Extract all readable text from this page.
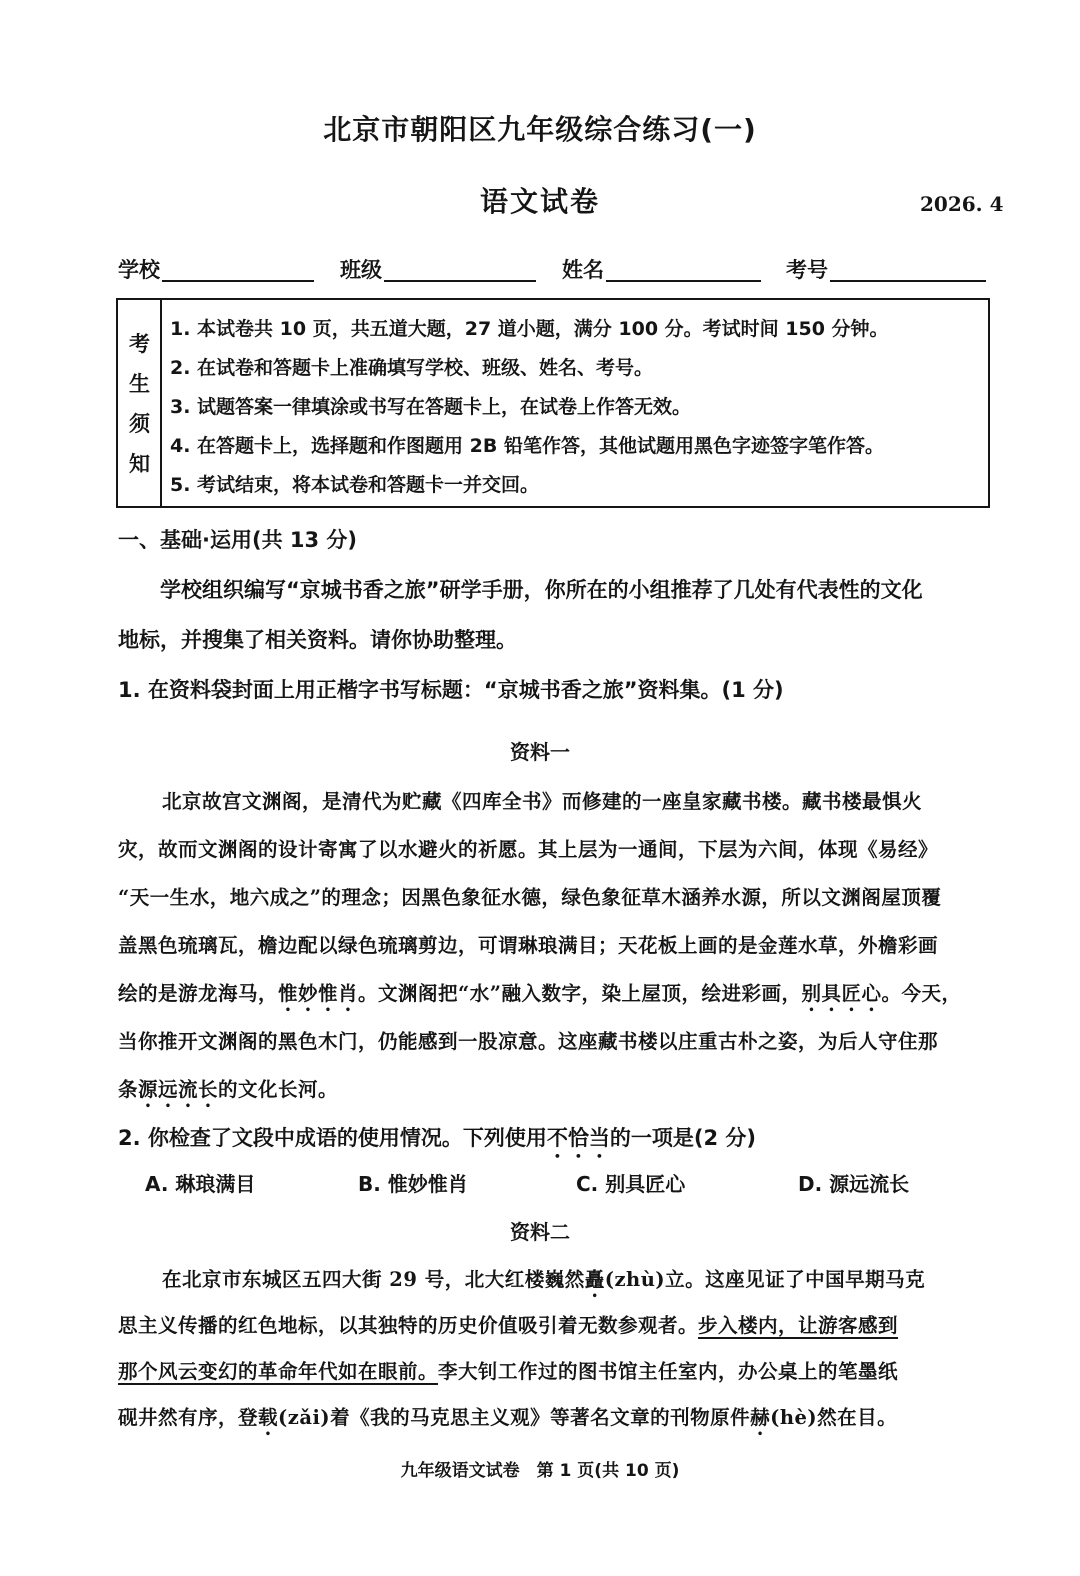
北京市朝阳区九年级综合练习(一)
语文试卷	2026. 4
学校	班级	姓名	考号
考
生
须
知
1. 本试卷共 10 页，共五道大题，27 道小题，满分 100 分。考试时间 150 分钟。
2. 在试卷和答题卡上准确填写学校、班级、姓名、考号。
3. 试题答案一律填涂或书写在答题卡上，在试卷上作答无效。
4. 在答题卡上，选择题和作图题用 2B 铅笔作答，其他试题用黑色字迹签字笔作答。
5. 考试结束，将本试卷和答题卡一并交回。
一、基础·运用(共 13 分)
学校组织编写“京城书香之旅”研学手册，你所在的小组推荐了几处有代表性的文化
地标，并搜集了相关资料。请你协助整理。
1. 在资料袋封面上用正楷字书写标题：“京城书香之旅”资料集。(1 分)
资料一
北京故宫文渊阁，是清代为贮藏《四库全书》而修建的一座皇家藏书楼。藏书楼最惧火
灾，故而文渊阁的设计寄寓了以水避火的祈愿。其上层为一通间，下层为六间，体现《易经》
“天一生水，地六成之”的理念；因黑色象征水德，绿色象征草木涵养水源，所以文渊阁屋顶覆
盖黑色琉璃瓦，檐边配以绿色琉璃剪边，可谓琳琅满目；天花板上画的是金莲水草，外檐彩画
绘的是游龙海马，惟妙惟肖。文渊阁把“水”融入数字，染上屋顶，绘进彩画，别具匠心。今天，
当你推开文渊阁的黑色木门，仍能感到一股凉意。这座藏书楼以庄重古朴之姿，为后人守住那
条源远流长的文化长河。
2. 你检查了文段中成语的使用情况。下列使用不恰当的一项是(2 分)
A. 琳琅满目	B. 惟妙惟肖	C. 别具匠心	D. 源远流长
资料二
在北京市东城区五四大街 29 号，北大红楼巍然矗(zhù)立。这座见证了中国早期马克
思主义传播的红色地标，以其独特的历史价值吸引着无数参观者。步入楼内，让游客感到
那个风云变幻的革命年代如在眼前。李大钊工作过的图书馆主任室内，办公桌上的笔墨纸
砚井然有序，登载(zǎi)着《我的马克思主义观》等著名文章的刊物原件赫(hè)然在目。
九年级语文试卷　第 1 页(共 10 页)
